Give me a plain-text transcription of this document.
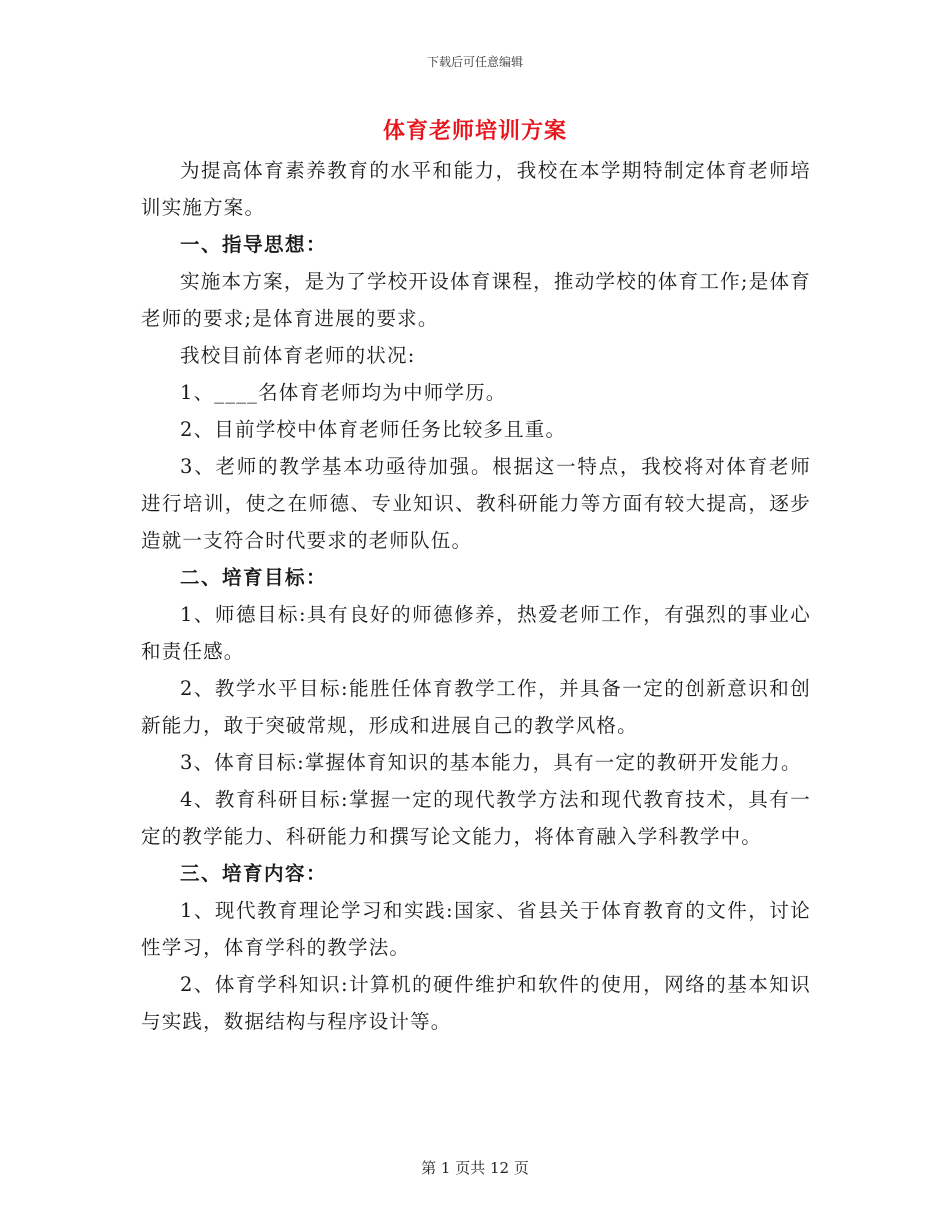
下载后可任意编辑
体育老师培训方案

为提高体育素养教育的水平和能力，我校在本学期特制定体育老师培训实施方案。

一、指导思想：

实施本方案，是为了学校开设体育课程，推动学校的体育工作;是体育老师的要求;是体育进展的要求。

我校目前体育老师的状况:

1、____名体育老师均为中师学历。

2、目前学校中体育老师任务比较多且重。

3、老师的教学基本功亟待加强。根据这一特点，我校将对体育老师进行培训，使之在师德、专业知识、教科研能力等方面有较大提高，逐步造就一支符合时代要求的老师队伍。

二、培育目标：

1、师德目标:具有良好的师德修养，热爱老师工作，有强烈的事业心和责任感。

2、教学水平目标:能胜任体育教学工作，并具备一定的创新意识和创新能力，敢于突破常规，形成和进展自己的教学风格。

3、体育目标:掌握体育知识的基本能力，具有一定的教研开发能力。

4、教育科研目标:掌握一定的现代教学方法和现代教育技术，具有一定的教学能力、科研能力和撰写论文能力，将体育融入学科教学中。

三、培育内容：

1、现代教育理论学习和实践:国家、省县关于体育教育的文件，讨论性学习，体育学科的教学法。

2、体育学科知识:计算机的硬件维护和软件的使用，网络的基本知识与实践，数据结构与程序设计等。

第 1 页共 12 页
